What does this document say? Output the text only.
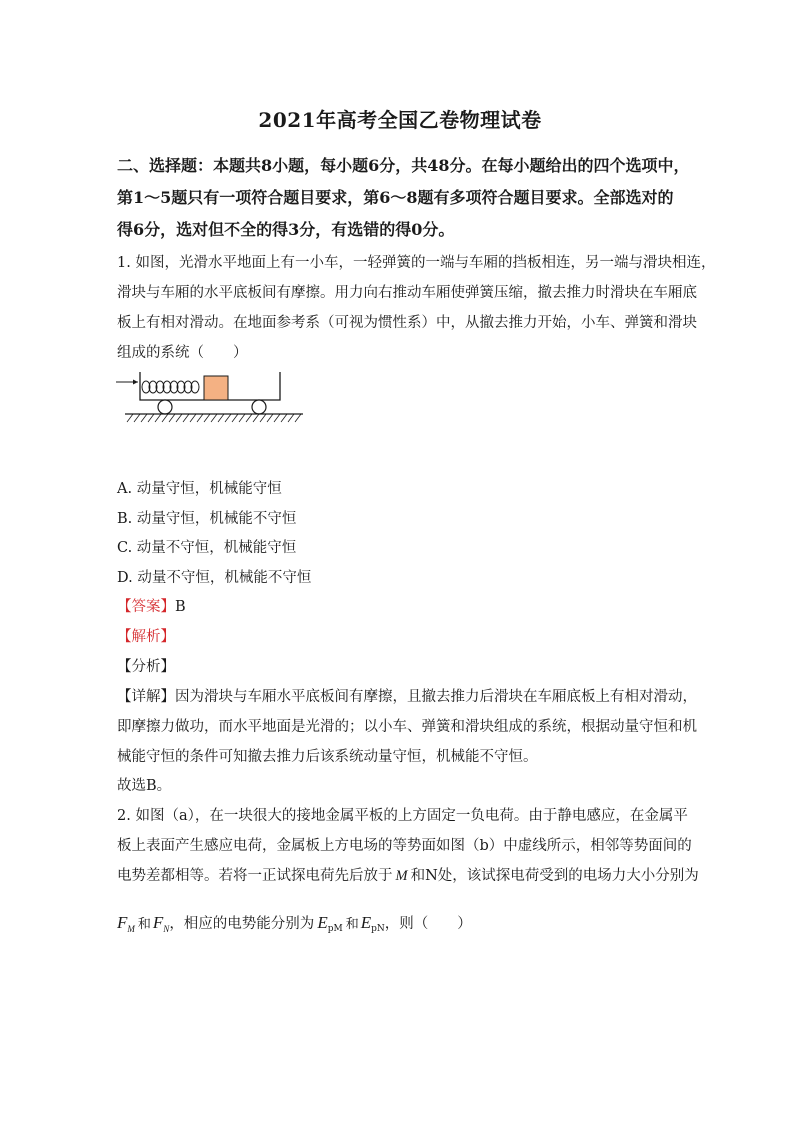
2021年高考全国乙卷物理试卷
二、选择题：本题共8小题，每小题6分，共48分。在每小题给出的四个选项中，
第1～5题只有一项符合题目要求，第6～8题有多项符合题目要求。全部选对的
得6分，选对但不全的得3分，有选错的得0分。
1. 如图，光滑水平地面上有一小车，一轻弹簧的一端与车厢的挡板相连，另一端与滑块相连，
滑块与车厢的水平底板间有摩擦。用力向右推动车厢使弹簧压缩，撤去推力时滑块在车厢底
板上有相对滑动。在地面参考系（可视为惯性系）中，从撤去推力开始，小车、弹簧和滑块
组成的系统（　　）
A. 动量守恒，机械能守恒
B. 动量守恒，机械能不守恒
C. 动量不守恒，机械能守恒
D. 动量不守恒，机械能不守恒
【答案】B
【解析】
【分析】
【详解】因为滑块与车厢水平底板间有摩擦，且撤去推力后滑块在车厢底板上有相对滑动，
即摩擦力做功，而水平地面是光滑的；以小车、弹簧和滑块组成的系统，根据动量守恒和机
械能守恒的条件可知撤去推力后该系统动量守恒，机械能不守恒。
故选B。
2. 如图（a），在一块很大的接地金属平板的上方固定一负电荷。由于静电感应，在金属平
板上表面产生感应电荷，金属板上方电场的等势面如图（b）中虚线所示，相邻等势面间的
电势差都相等。若将一正试探电荷先后放于 M 和N处，该试探电荷受到的电场力大小分别为
$F_M$ 和 $F_N$，相应的电势能分别为 $E_{pM}$ 和 $E_{pN}$，则（　　）
